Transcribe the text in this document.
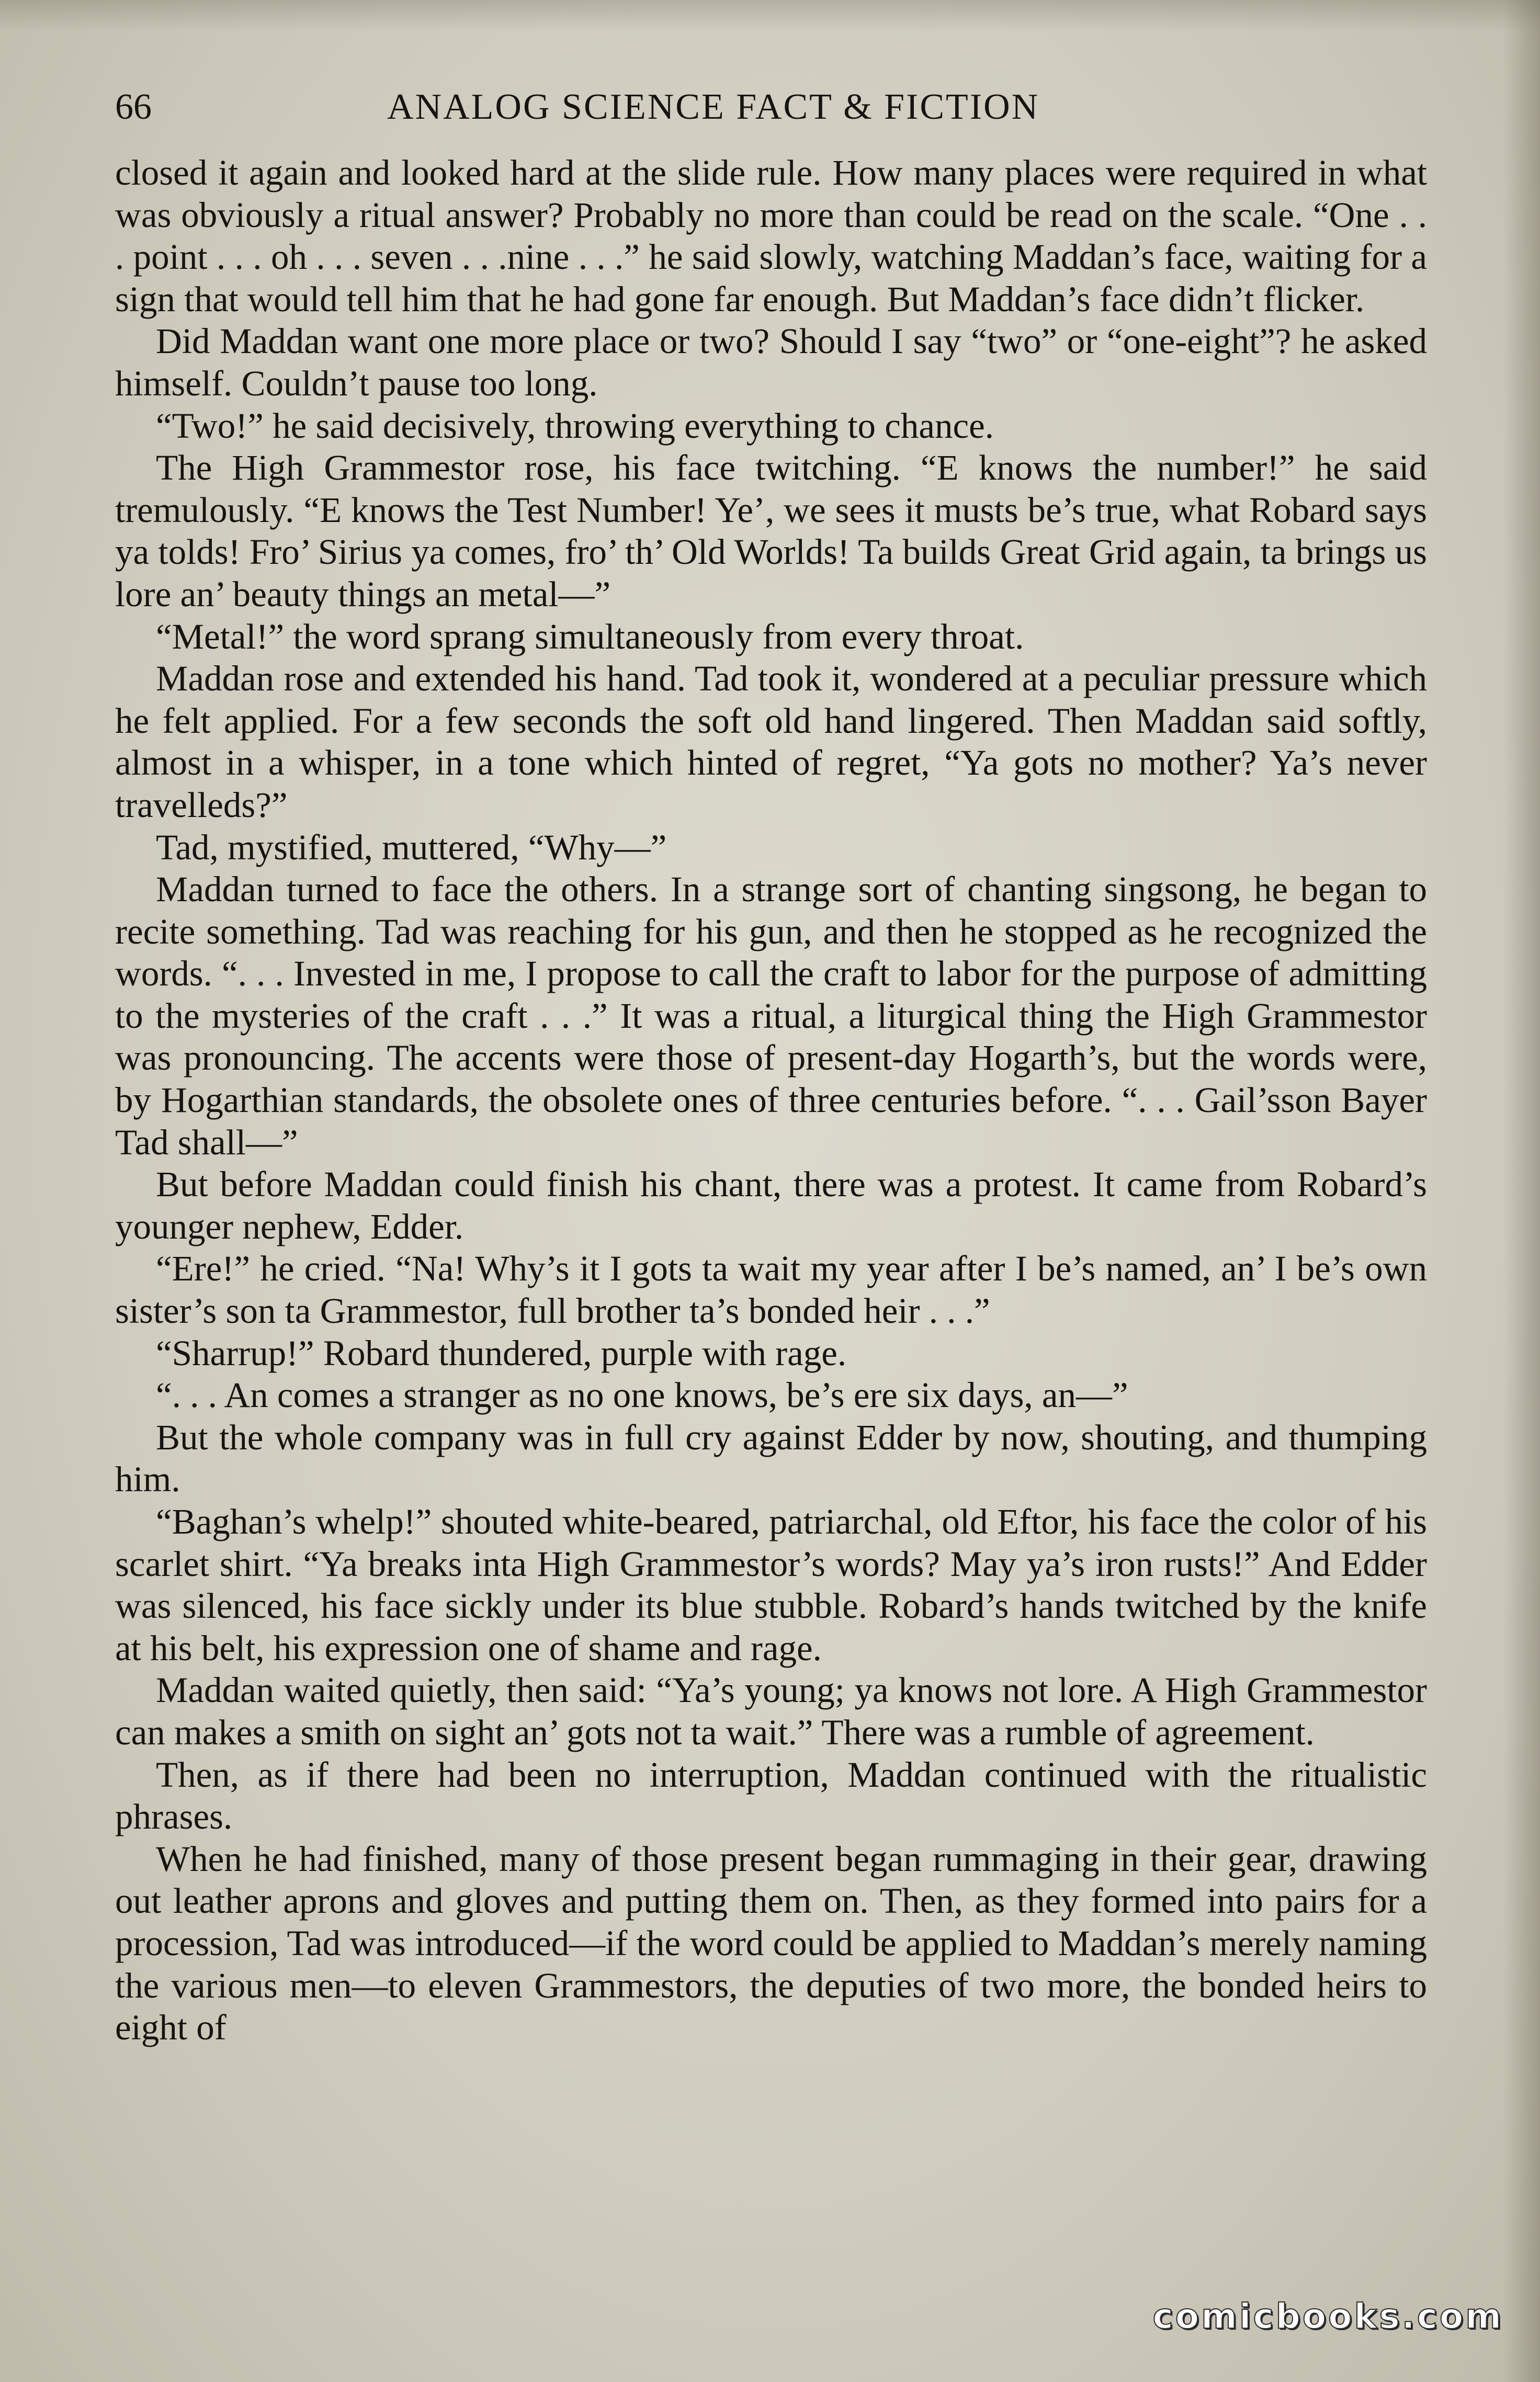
66	ANALOG SCIENCE FACT & FICTION

closed it again and looked hard at the slide rule. How many places were required in what was obviously a ritual answer? Probably no more than could be read on the scale. “One . . . point . . . oh . . . seven . . .nine . . .” he said slowly, watching Maddan’s face, waiting for a sign that would tell him that he had gone far enough. But Maddan’s face didn’t flicker.

Did Maddan want one more place or two? Should I say “two” or “one-eight”? he asked himself. Couldn’t pause too long.

“Two!” he said decisively, throwing everything to chance.

The High Grammestor rose, his face twitching. “E knows the number!” he said tremulously. “E knows the Test Number! Ye’, we sees it musts be’s true, what Robard says ya tolds! Fro’ Sirius ya comes, fro’ th’ Old Worlds! Ta builds Great Grid again, ta brings us lore an’ beauty things an metal—”

“Metal!” the word sprang simultaneously from every throat.

Maddan rose and extended his hand. Tad took it, wondered at a peculiar pressure which he felt applied. For a few seconds the soft old hand lingered. Then Maddan said softly, almost in a whisper, in a tone which hinted of regret, “Ya gots no mother? Ya’s never travelleds?”

Tad, mystified, muttered, “Why—”

Maddan turned to face the others. In a strange sort of chanting singsong, he began to recite something. Tad was reaching for his gun, and then he stopped as he recognized the words. “. . . Invested in me, I propose to call the craft to labor for the purpose of admitting to the mysteries of the craft . . .” It was a ritual, a liturgical thing the High Grammestor was pronouncing. The accents were those of present-day Hogarth’s, but the words were, by Hogarthian standards, the obsolete ones of three centuries before. “. . . Gail’sson Bayer Tad shall—”

But before Maddan could finish his chant, there was a protest. It came from Robard’s younger nephew, Edder.

“Ere!” he cried. “Na! Why’s it I gots ta wait my year after I be’s named, an’ I be’s own sister’s son ta Grammestor, full brother ta’s bonded heir . . .”

“Sharrup!” Robard thundered, purple with rage.

“. . . An comes a stranger as no one knows, be’s ere six days, an—”

But the whole company was in full cry against Edder by now, shouting, and thumping him.

“Baghan’s whelp!” shouted white-beared, patriarchal, old Eftor, his face the color of his scarlet shirt. “Ya breaks inta High Grammestor’s words? May ya’s iron rusts!” And Edder was silenced, his face sickly under its blue stubble. Robard’s hands twitched by the knife at his belt, his expression one of shame and rage.

Maddan waited quietly, then said: “Ya’s young; ya knows not lore. A High Grammestor can makes a smith on sight an’ gots not ta wait.” There was a rumble of agreement.

Then, as if there had been no interruption, Maddan continued with the ritualistic phrases.

When he had finished, many of those present began rummaging in their gear, drawing out leather aprons and gloves and putting them on. Then, as they formed into pairs for a procession, Tad was introduced—if the word could be applied to Maddan’s merely naming the various men—to eleven Grammestors, the deputies of two more, the bonded heirs to eight of

comicbooks.com
